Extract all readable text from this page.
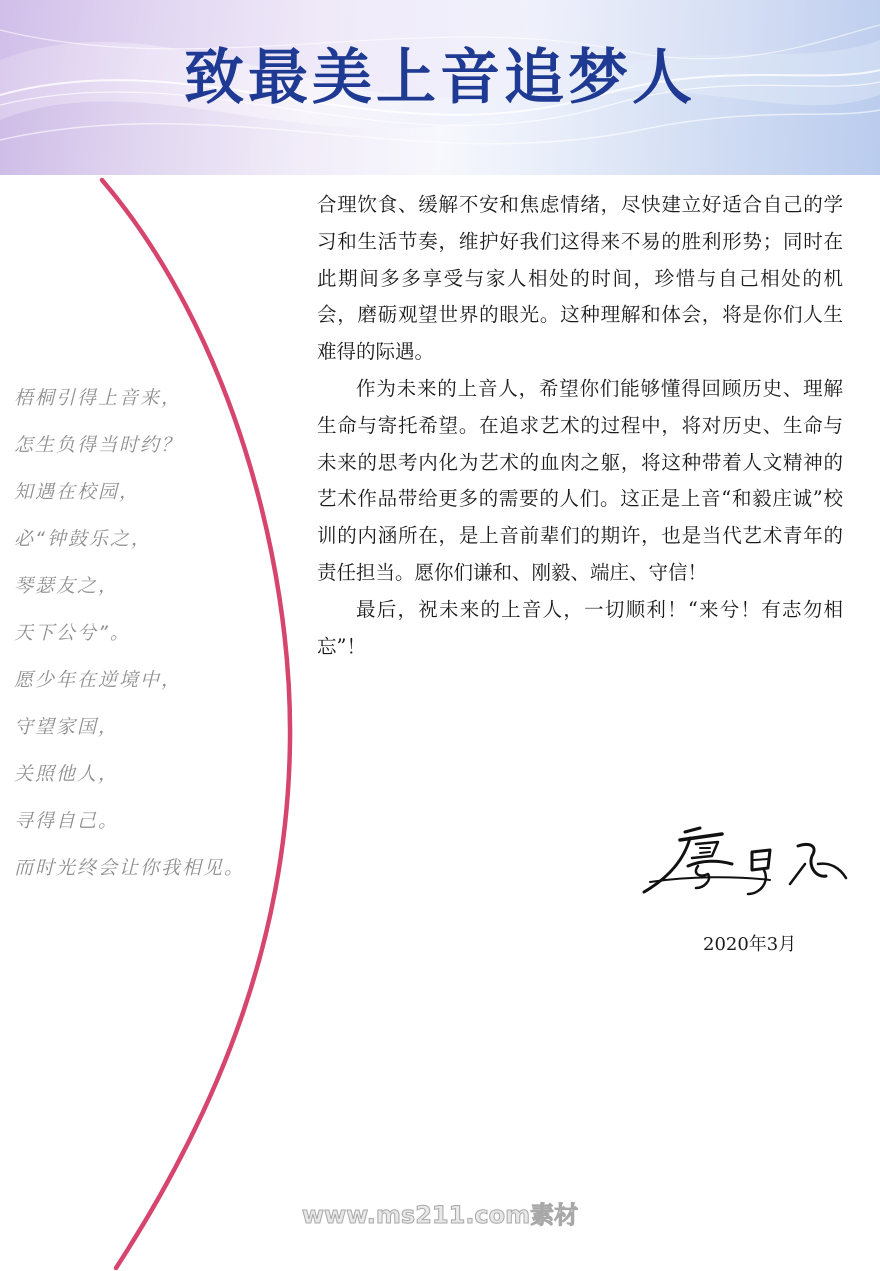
致最美上音追梦人
梧桐引得上音来，
怎生负得当时约？
知遇在校园，
必“钟鼓乐之，
琴瑟友之，
天下公兮”。
愿少年在逆境中，
守望家国，
关照他人，
寻得自己。
而时光终会让你我相见。

合理饮食、缓解不安和焦虑情绪，尽快建立好适合自己的学习和生活节奏，维护好我们这得来不易的胜利形势；同时在此期间多多享受与家人相处的时间，珍惜与自己相处的机会，磨砺观望世界的眼光。这种理解和体会，将是你们人生难得的际遇。

作为未来的上音人，希望你们能够懂得回顾历史、理解生命与寄托希望。在追求艺术的过程中，将对历史、生命与未来的思考内化为艺术的血肉之躯，将这种带着人文精神的艺术作品带给更多的需要的人们。这正是上音“和毅庄诚”校训的内涵所在，是上音前辈们的期许，也是当代艺术青年的责任担当。愿你们谦和、刚毅、端庄、守信！

最后，祝未来的上音人，一切顺利！“来兮！有志勿相忘”！

2020年3月
www.ms211.com素材
